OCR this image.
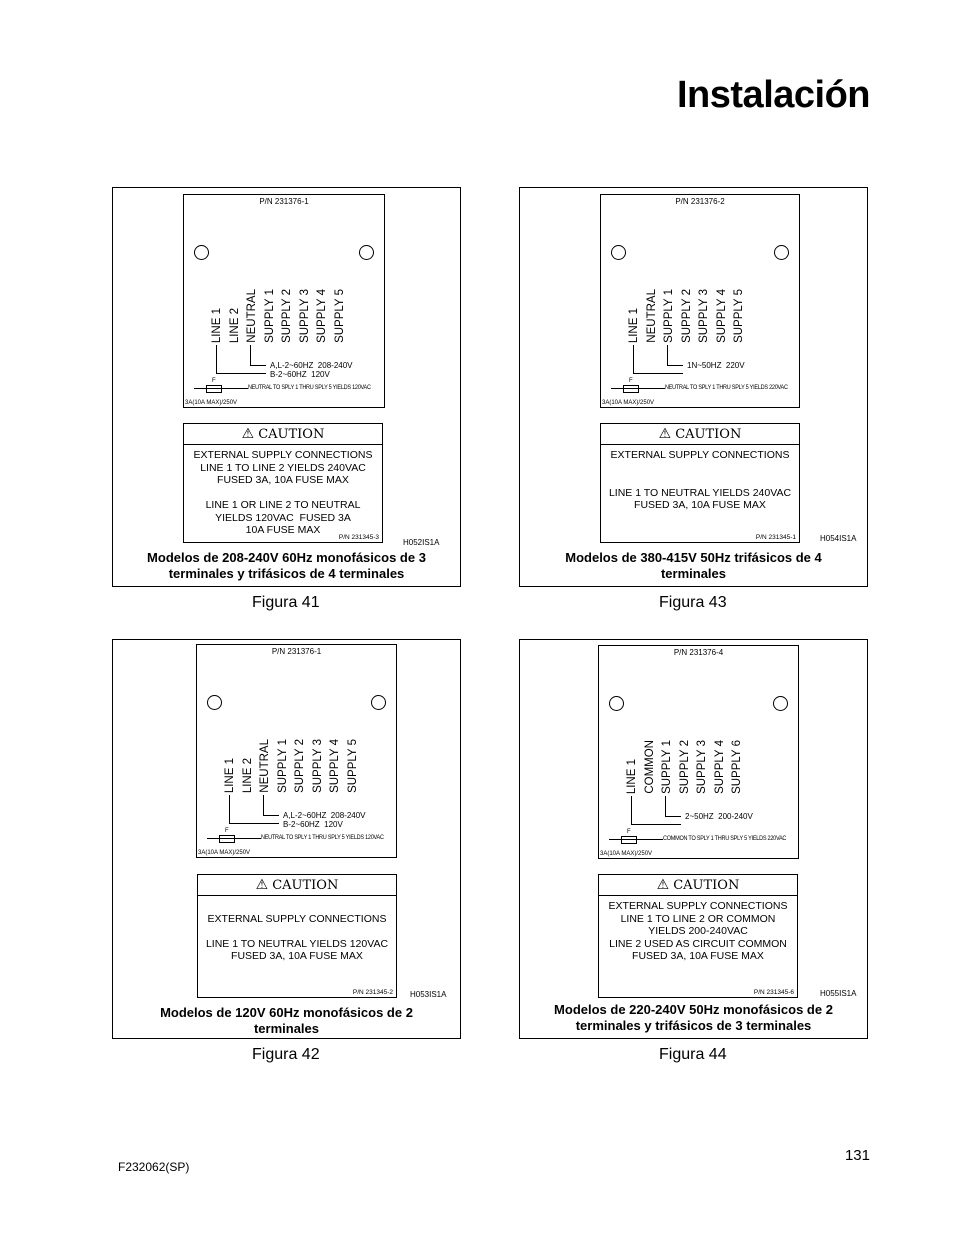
Instalación
P/N 231376-1
LINE 1 LINE 2 NEUTRAL SUPPLY 1 SUPPLY 2 SUPPLY 3 SUPPLY 4 SUPPLY 5
A,L-2~60HZ  208-240V
B-2~60HZ  120V
F
NEUTRAL TO SPLY 1 THRU SPLY 5 YIELDS 120VAC
3A(10A MAX)/250V
⚠ CAUTION
EXTERNAL SUPPLY CONNECTIONS
LINE 1 TO LINE 2 YIELDS 240VAC
FUSED 3A, 10A FUSE MAX

LINE 1 OR LINE 2 TO NEUTRAL
YIELDS 120VAC  FUSED 3A
10A FUSE MAX
P/N 231345-3
H052IS1A
Modelos de 208-240V 60Hz monofásicos de 3 terminales y trifásicos de 4 terminales
Figura 41
P/N 231376-2
LINE 1 NEUTRAL SUPPLY 1 SUPPLY 2 SUPPLY 3 SUPPLY 4 SUPPLY 5
1N~50HZ  220V
F
NEUTRAL TO SPLY 1 THRU SPLY 5 YIELDS 220VAC
3A(10A MAX)/250V
⚠ CAUTION
EXTERNAL SUPPLY CONNECTIONS

LINE 1 TO NEUTRAL YIELDS 240VAC
FUSED 3A, 10A FUSE MAX
P/N 231345-1	H054IS1A
Modelos de 380-415V 50Hz trifásicos de 4 terminales
Figura 43
P/N 231376-1
LINE 1 LINE 2 NEUTRAL SUPPLY 1 SUPPLY 2 SUPPLY 3 SUPPLY 4 SUPPLY 5
A,L-2~60HZ  208-240V
B-2~60HZ  120V
F
NEUTRAL TO SPLY 1 THRU SPLY 5 YIELDS 120VAC
3A(10A MAX)/250V
⚠ CAUTION

EXTERNAL SUPPLY CONNECTIONS

LINE 1 TO NEUTRAL YIELDS 120VAC
FUSED 3A, 10A FUSE MAX
P/N 231345-2 H053IS1A
Modelos de 120V 60Hz monofásicos de 2 terminales
Figura 42
P/N 231376-4
LINE 1 COMMON SUPPLY 1 SUPPLY 2 SUPPLY 3 SUPPLY 4 SUPPLY 6
2~50HZ  200-240V
F
COMMON TO SPLY 1 THRU SPLY 5 YIELDS 220VAC
3A(10A MAX)/250V
⚠ CAUTION
EXTERNAL SUPPLY CONNECTIONS
LINE 1 TO LINE 2 OR COMMON
YIELDS 200-240VAC
LINE 2 USED AS CIRCUIT COMMON
FUSED 3A, 10A FUSE MAX
P/N 231345-6	H055IS1A
Modelos de 220-240V 50Hz monofásicos de 2 terminales y trifásicos de 3 terminales
Figura 44
131
F232062(SP)
